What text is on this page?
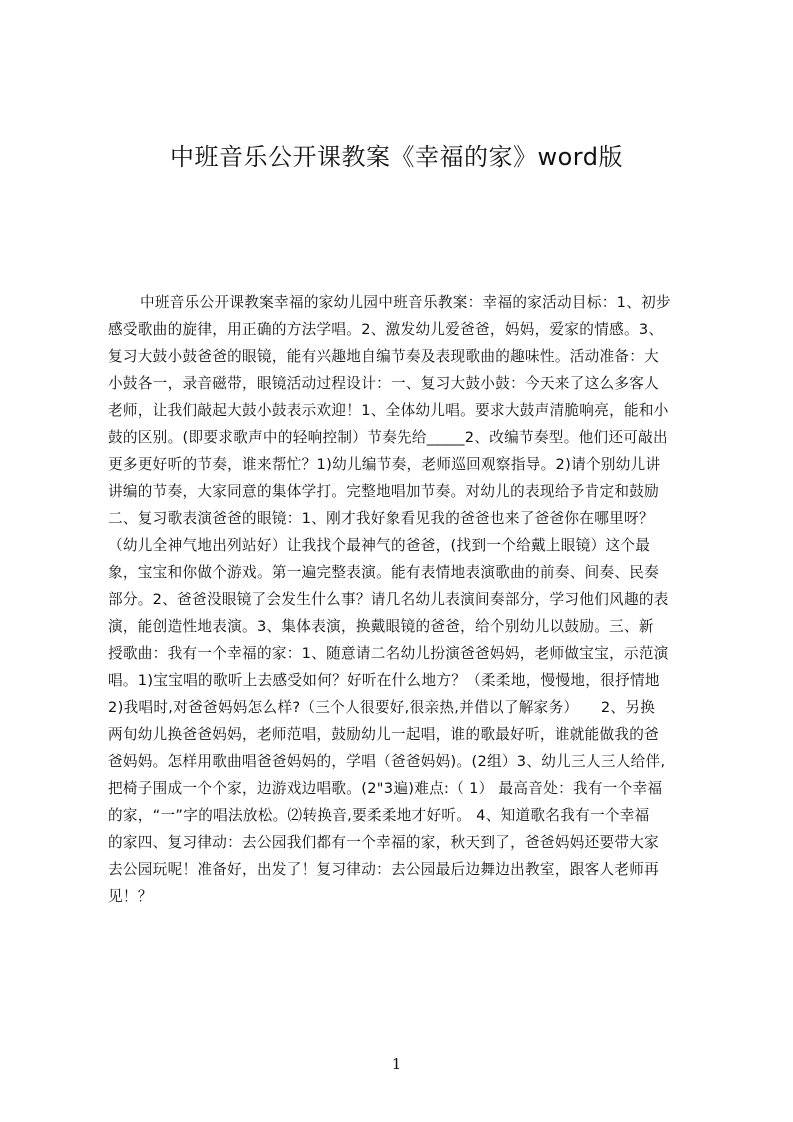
中班音乐公开课教案《幸福的家》word版
中班音乐公开课教案幸福的家幼儿园中班音乐教案：幸福的家活动目标：1、初步
感受歌曲的旋律，用正确的方法学唱。2、激发幼儿爱爸爸，妈妈，爱家的情感。3、
复习大鼓小鼓爸爸的眼镜，能有兴趣地自编节奏及表现歌曲的趣味性。活动准备：大
小鼓各一，录音磁带，眼镜活动过程设计：一、复习大鼓小鼓：今天来了这么多客人
老师，让我们敲起大鼓小鼓表示欢迎！1、全体幼儿唱。要求大鼓声清脆响亮，能和小
鼓的区别。(即要求歌声中的轻响控制）节奏先给_____2、改编节奏型。他们还可敲出
更多更好听的节奏，谁来帮忙？1)幼儿编节奏，老师巡回观察指导。2)请个别幼儿讲
讲编的节奏，大家同意的集体学打。完整地唱加节奏。对幼儿的表现给予肯定和鼓励
二、复习歌表演爸爸的眼镜：1、刚才我好象看见我的爸爸也来了爸爸你在哪里呀？
（幼儿全神气地出列站好）让我找个最神气的爸爸，(找到一个给戴上眼镜）这个最
象，宝宝和你做个游戏。第一遍完整表演。能有表情地表演歌曲的前奏、间奏、民奏
部分。2、爸爸没眼镜了会发生什么事？请几名幼儿表演间奏部分，学习他们风趣的表
演，能创造性地表演。3、集体表演，换戴眼镜的爸爸，给个别幼儿以鼓励。三、新
授歌曲：我有一个幸福的家：1、随意请二名幼儿扮演爸爸妈妈，老师做宝宝，示范演
唱。1)宝宝唱的歌听上去感受如何？好听在什么地方？（柔柔地，慢慢地，很抒情地
2)我唱时,对爸爸妈妈怎么样?（三个人很要好,很亲热,并借以了解家务）　　2、另换
两旬幼儿换爸爸妈妈，老师范唱，鼓励幼儿一起唱，谁的歌最好听，谁就能做我的爸
爸妈妈。怎样用歌曲唱爸爸妈妈的，学唱（爸爸妈妈)。(2组）3、幼儿三人三人给伴,
把椅子围成一个个家，边游戏边唱歌。(2"3遍)难点:（ 1） 最高音处：我有一个幸福
的家，“一”字的唱法放松。⑵转换音,要柔柔地才好听。 4、知道歌名我有一个幸福
的家四、复习律动：去公园我们都有一个幸福的家，秋天到了，爸爸妈妈还要带大家
去公园玩呢！准备好，出发了！复习律动：去公园最后边舞边出教室，跟客人老师再
见！？
1
